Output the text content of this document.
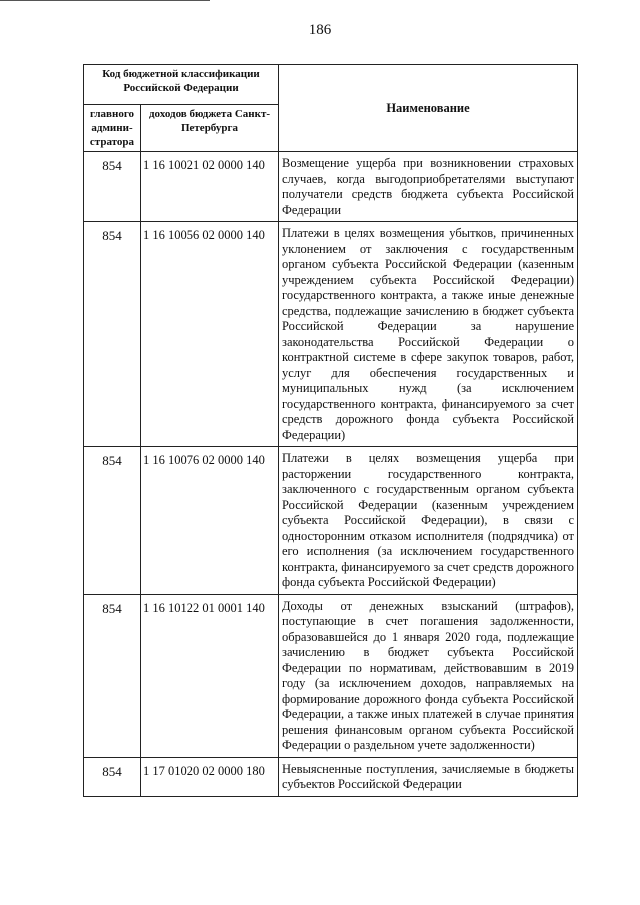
186
Код бюджетной классификации Российской Федерации		Наименование
главного админи-стратора	доходов бюджета Санкт-Петербурга	
854	1 16 10021 02 0000 140	Возмещение ущерба при возникновении страховых случаев, когда выгодоприобретателями выступают получатели средств бюджета субъекта Российской Федерации
854	1 16 10056 02 0000 140	Платежи в целях возмещения убытков, причиненных уклонением от заключения с государственным органом субъекта Российской Федерации (казенным учреждением субъекта Российской Федерации) государственного контракта, а также иные денежные средства, подлежащие зачислению в бюджет субъекта Российской Федерации за нарушение законодательства Российской Федерации о контрактной системе в сфере закупок товаров, работ, услуг для обеспечения государственных и муниципальных нужд (за исключением государственного контракта, финансируемого за счет средств дорожного фонда субъекта Российской Федерации)
854	1 16 10076 02 0000 140	Платежи в целях возмещения ущерба при расторжении государственного контракта, заключенного с государственным органом субъекта Российской Федерации (казенным учреждением субъекта Российской Федерации), в связи с односторонним отказом исполнителя (подрядчика) от его исполнения (за исключением государственного контракта, финансируемого за счет средств дорожного фонда субъекта Российской Федерации)
854	1 16 10122 01 0001 140	Доходы от денежных взысканий (штрафов), поступающие в счет погашения задолженности, образовавшейся до 1 января 2020 года, подлежащие зачислению в бюджет субъекта Российской Федерации по нормативам, действовавшим в 2019 году (за исключением доходов, направляемых на формирование дорожного фонда субъекта Российской Федерации, а также иных платежей в случае принятия решения финансовым органом субъекта Российской Федерации о раздельном учете задолженности)
854	1 17 01020 02 0000 180	Невыясненные поступления, зачисляемые в бюджеты субъектов Российской Федерации
